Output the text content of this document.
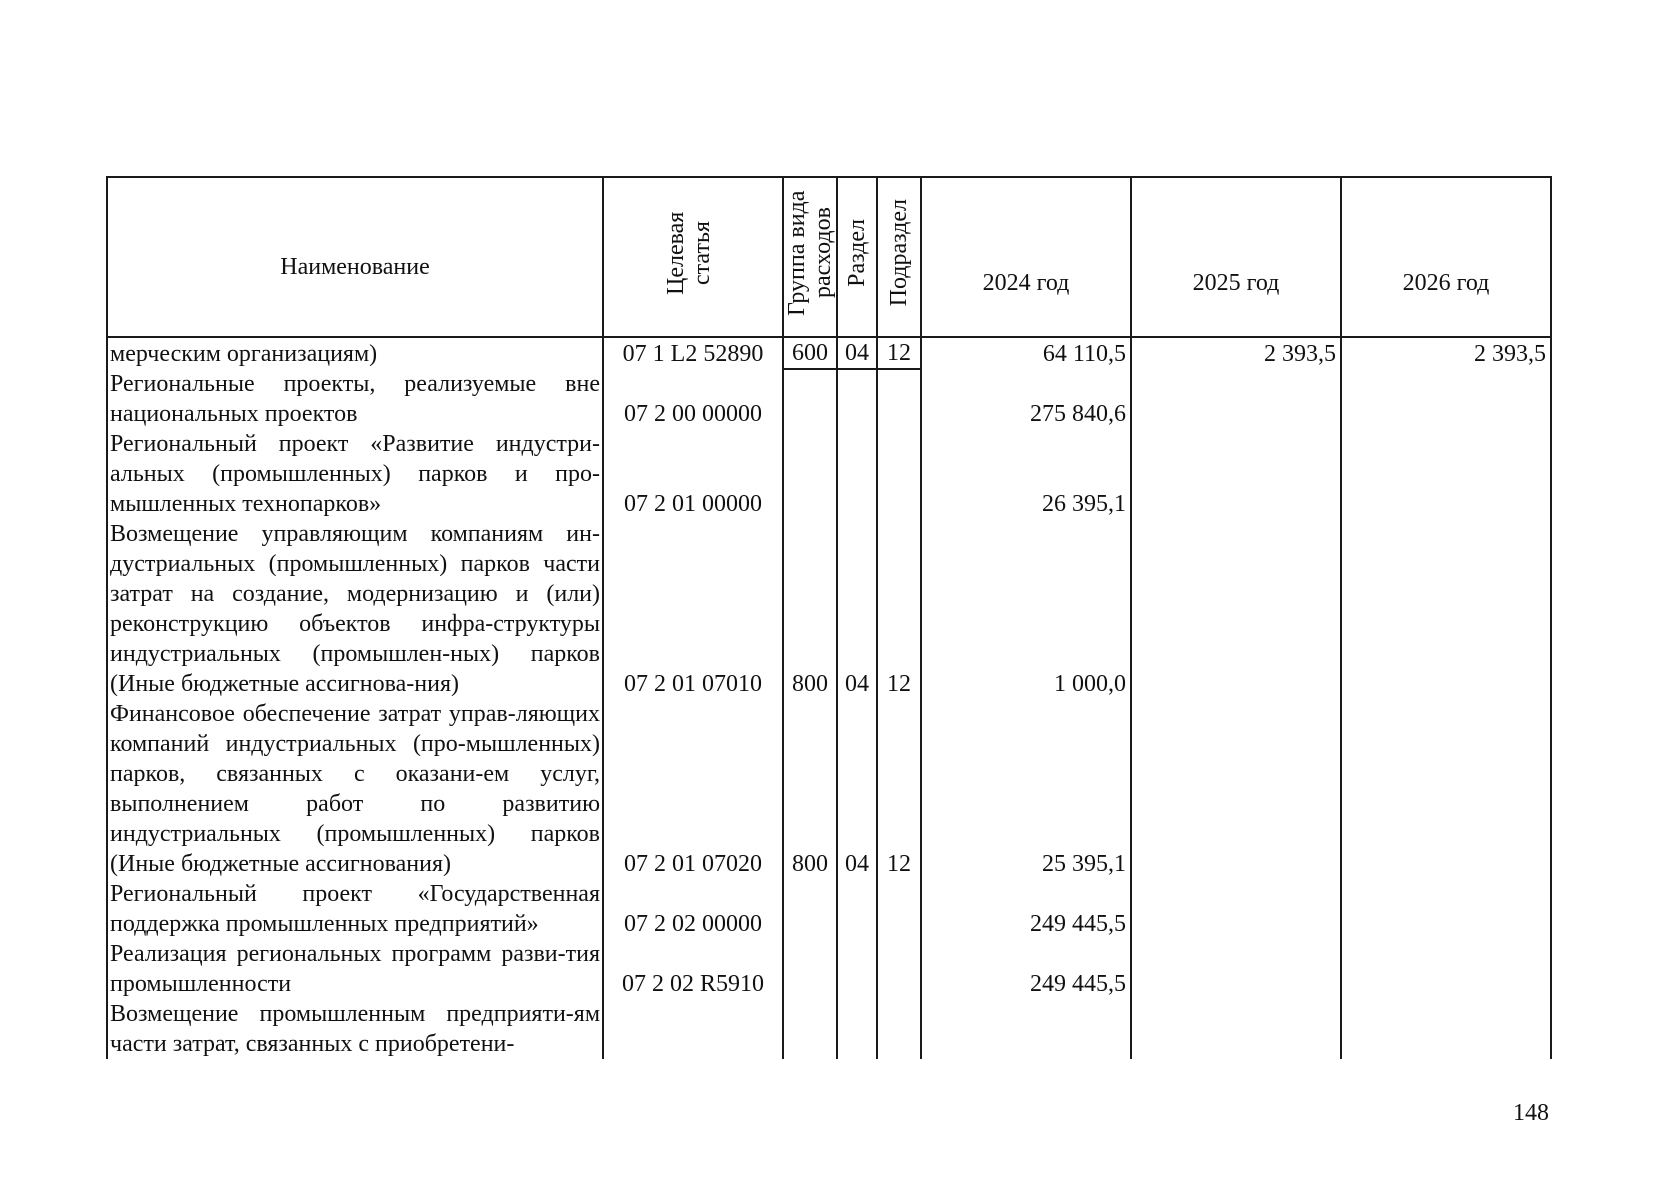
Наименование	Целевая статья	Группа вида расходов	Раздел	Подраздел	2024 год	2025 год	2026 год

мерческим организациям)	07 1 L2 52890	600	04	12	64 110,5	2 393,5	2 393,5
Региональные проекты, реализуемые вне национальных проектов	07 2 00 00000				275 840,6		
Региональный проект «Развитие индустри-альных (промышленных) парков и про-мышленных технопарков»	07 2 01 00000				26 395,1		
Возмещение управляющим компаниям ин-дустриальных (промышленных) парков части затрат на создание, модернизацию и (или) реконструкцию объектов инфра-структуры индустриальных (промышлен-ных) парков (Иные бюджетные ассигнова-ния)	07 2 01 07010	800	04	12	1 000,0		
Финансовое обеспечение затрат управ-ляющих компаний индустриальных (про-мышленных) парков, связанных с оказани-ем услуг, выполнением работ по развитию индустриальных (промышленных) парков (Иные бюджетные ассигнования)	07 2 01 07020	800	04	12	25 395,1		
Региональный проект «Государственная поддержка промышленных предприятий»	07 2 02 00000				249 445,5		
Реализация региональных программ разви-тия промышленности	07 2 02 R5910				249 445,5		
Возмещение промышленным предприяти-ям части затрат, связанных с приобретени-							
148
